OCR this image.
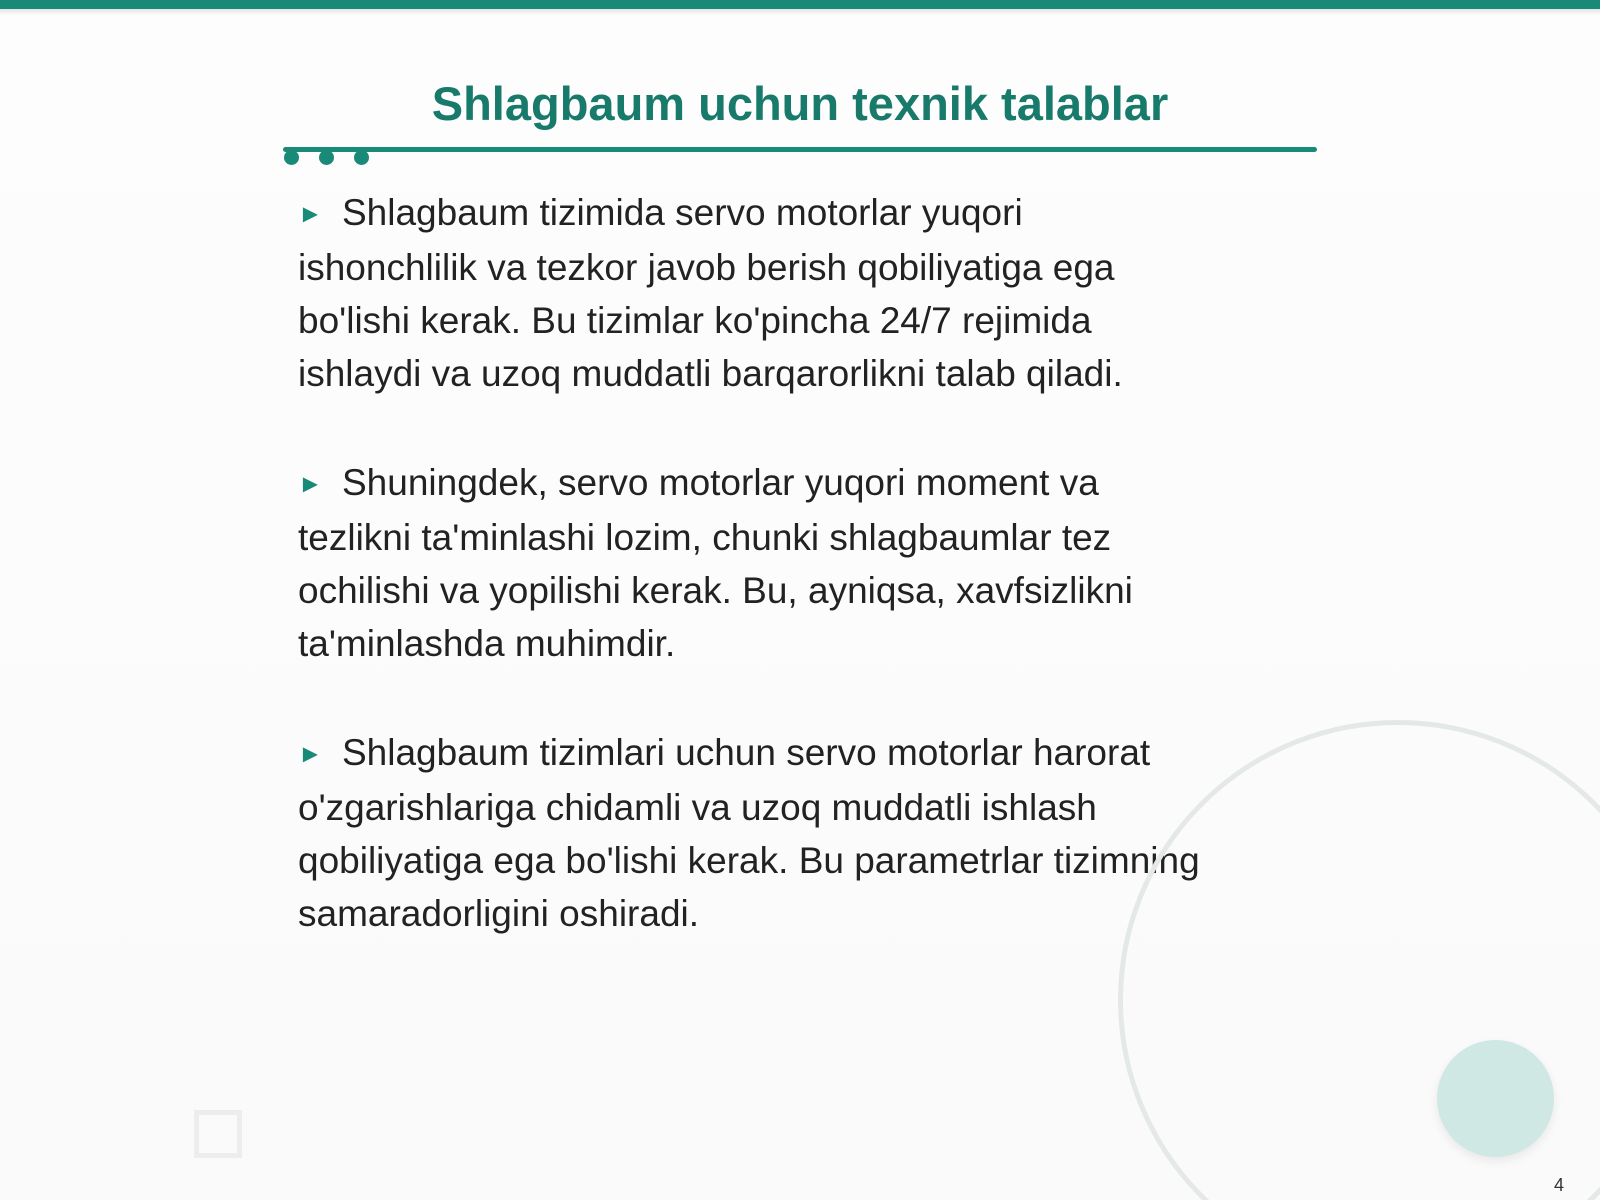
Shlagbaum uchun texnik talablar

► Shlagbaum tizimida servo motorlar yuqori
ishonchlilik va tezkor javob berish qobiliyatiga ega
bo'lishi kerak. Bu tizimlar ko'pincha 24/7 rejimida
ishlaydi va uzoq muddatli barqarorlikni talab qiladi.

► Shuningdek, servo motorlar yuqori moment va
tezlikni ta'minlashi lozim, chunki shlagbaumlar tez
ochilishi va yopilishi kerak. Bu, ayniqsa, xavfsizlikni
ta'minlashda muhimdir.

► Shlagbaum tizimlari uchun servo motorlar harorat
o'zgarishlariga chidamli va uzoq muddatli ishlash
qobiliyatiga ega bo'lishi kerak. Bu parametrlar tizimning
samaradorligini oshiradi.

4
